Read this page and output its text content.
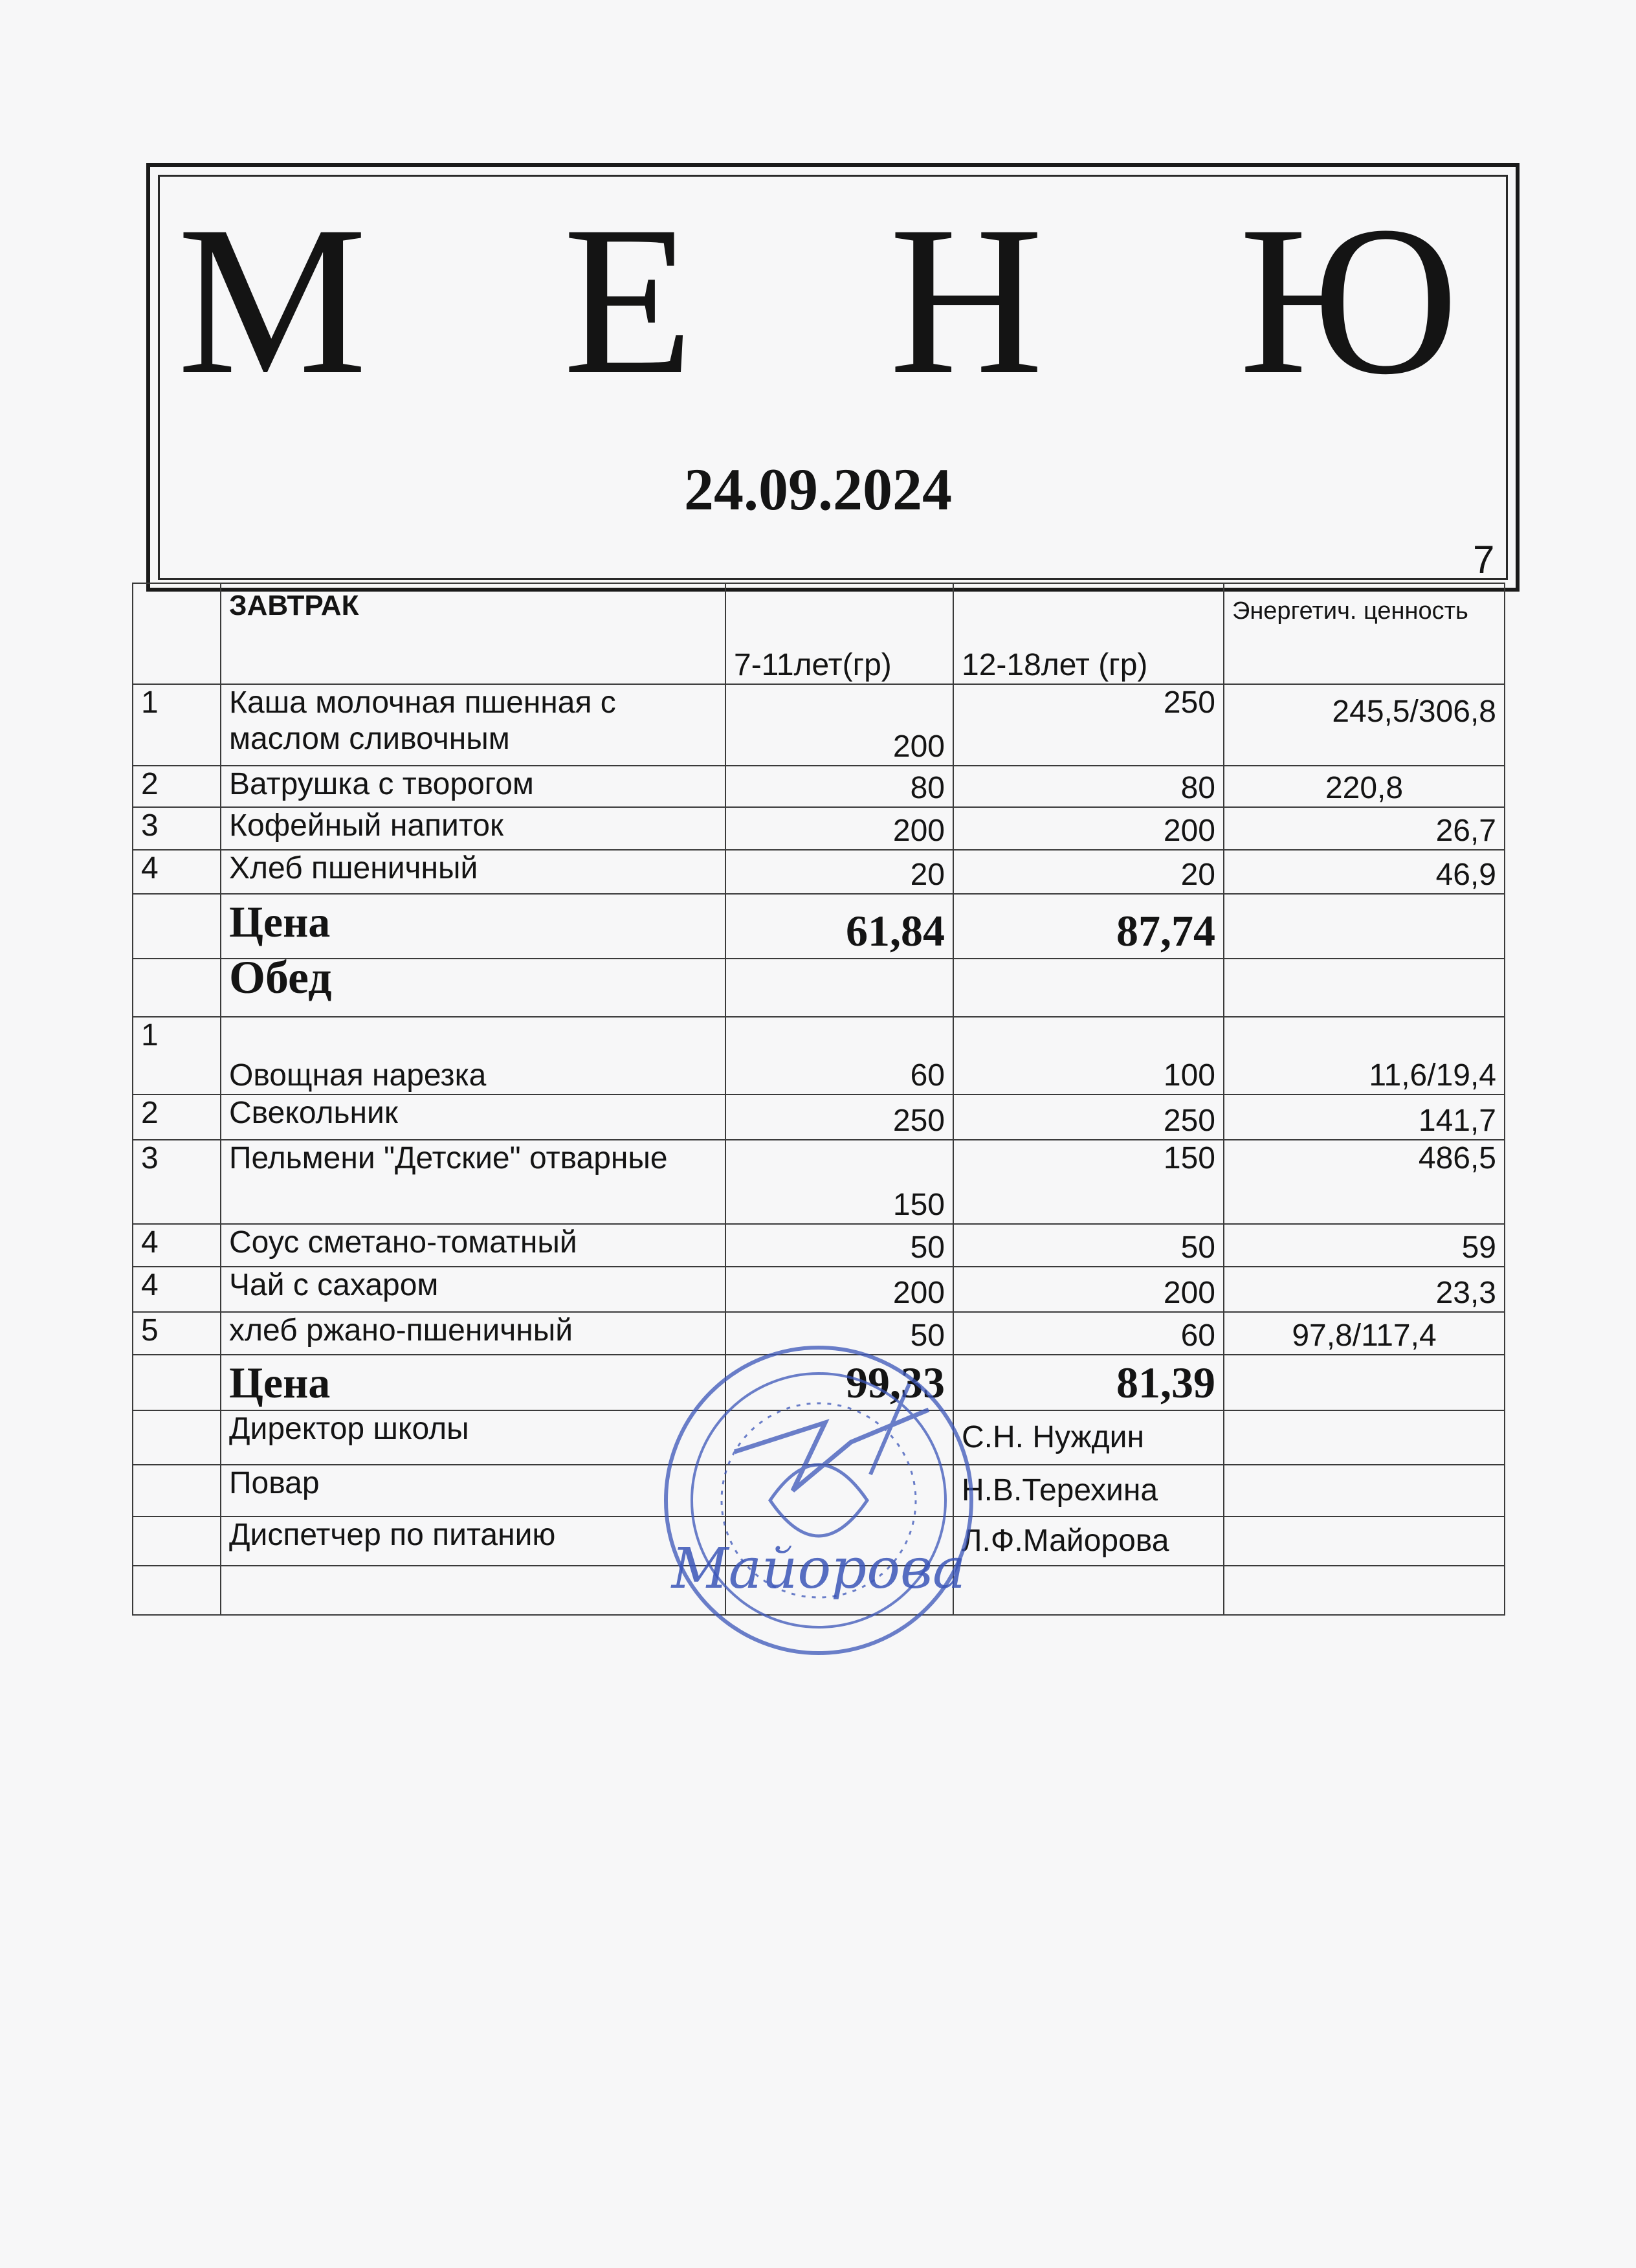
М Е Н Ю
24.09.2024
7
	ЗАВТРАК	7-11лет(гр)	12-18лет (гр)	Энергетич. ценность
1	Каша молочная пшенная с маслом сливочным	200	250	245,5/306,8
2	Ватрушка с творогом	80	80	220,8
3	Кофейный напиток	200	200	26,7
4	Хлеб пшеничный	20	20	46,9
	Цена	61,84	87,74	
	Обед			
1	Овощная нарезка	60	100	11,6/19,4
2	Свекольник	250	250	141,7
3	Пельмени "Детские" отварные	150	150	486,5
4	Соус сметано-томатный	50	50	59
4	Чай с сахаром	200	200	23,3
5	хлеб ржано-пшеничный	50	60	97,8/117,4
	Цена	99,33	81,39	
	Директор школы		С.Н. Нуждин	
	Повар		Н.В.Терехина	
	Диспетчер по питанию		Л.Ф.Майорова	

Майорова
